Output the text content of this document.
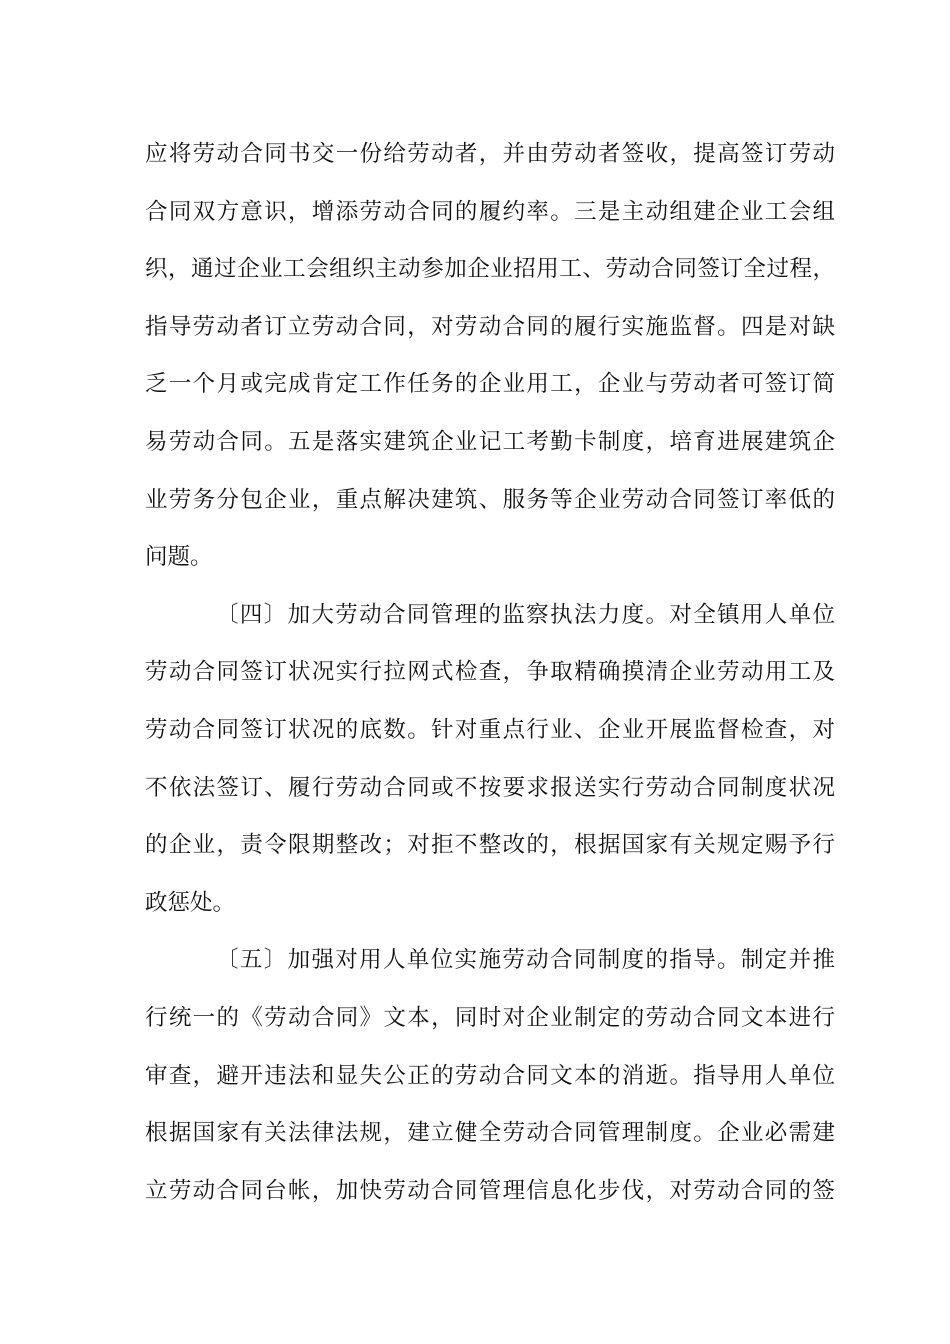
应将劳动合同书交一份给劳动者，并由劳动者签收，提高签订劳动
合同双方意识，增添劳动合同的履约率。三是主动组建企业工会组
织，通过企业工会组织主动参加企业招用工、劳动合同签订全过程，
指导劳动者订立劳动合同，对劳动合同的履行实施监督。四是对缺
乏一个月或完成肯定工作任务的企业用工，企业与劳动者可签订简
易劳动合同。五是落实建筑企业记工考勤卡制度，培育进展建筑企
业劳务分包企业，重点解决建筑、服务等企业劳动合同签订率低的
问题。
〔四〕加大劳动合同管理的监察执法力度。对全镇用人单位
劳动合同签订状况实行拉网式检查，争取精确摸清企业劳动用工及
劳动合同签订状况的底数。针对重点行业、企业开展监督检查，对
不依法签订、履行劳动合同或不按要求报送实行劳动合同制度状况
的企业，责令限期整改；对拒不整改的，根据国家有关规定赐予行
政惩处。
〔五〕加强对用人单位实施劳动合同制度的指导。制定并推
行统一的《劳动合同》文本，同时对企业制定的劳动合同文本进行
审查，避开违法和显失公正的劳动合同文本的消逝。指导用人单位
根据国家有关法律法规，建立健全劳动合同管理制度。企业必需建
立劳动合同台帐，加快劳动合同管理信息化步伐，对劳动合同的签
